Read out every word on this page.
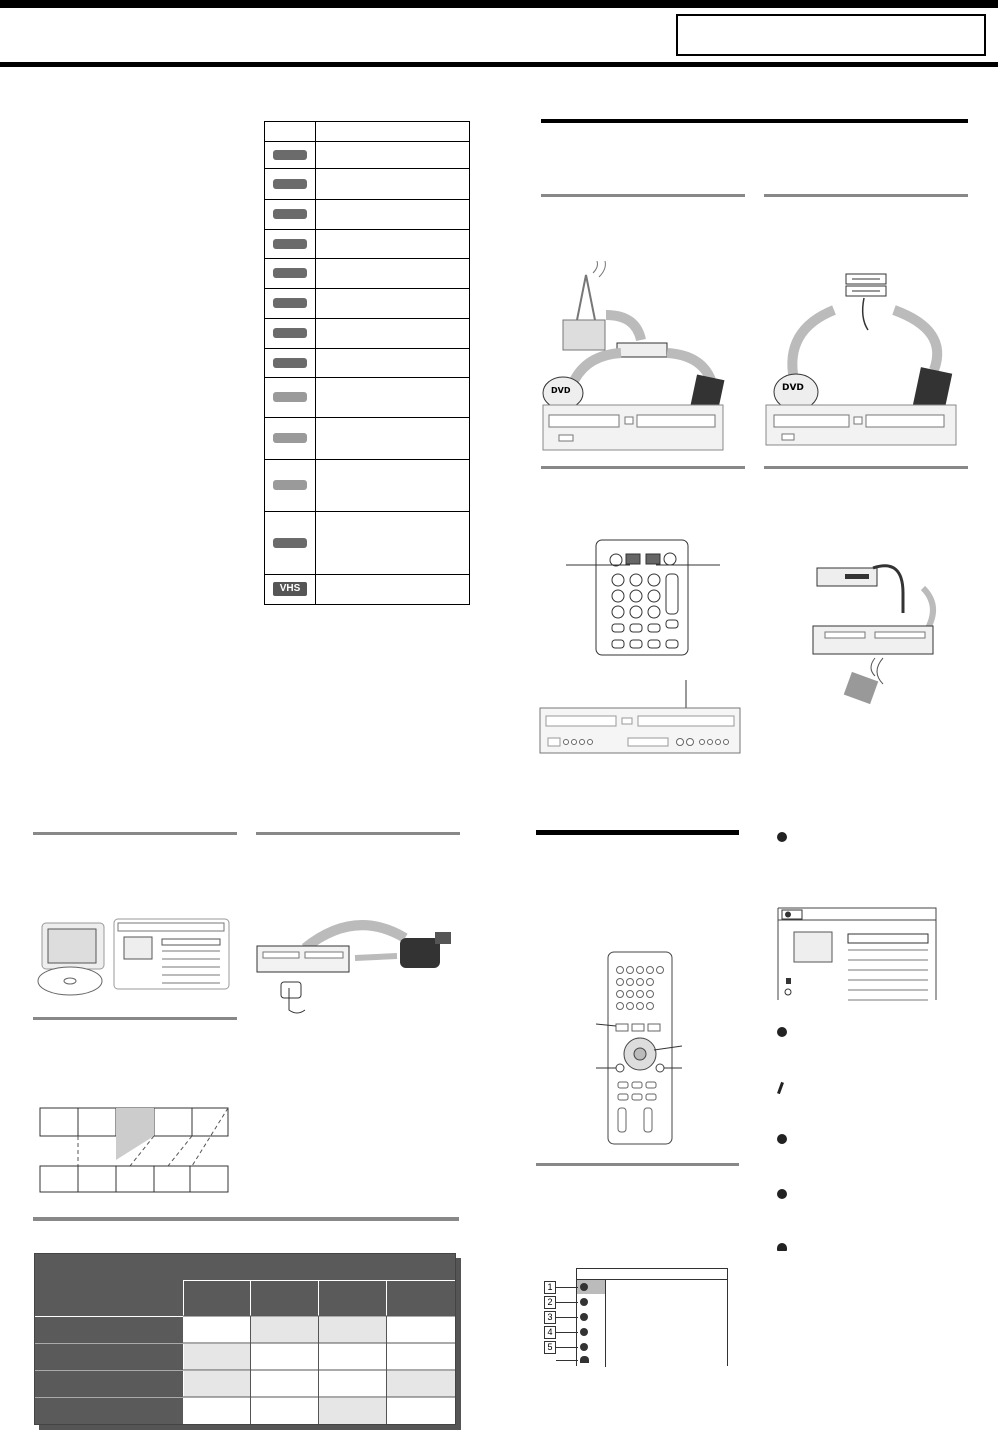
VHS
DVD	DVD
1
2
3
4
5
